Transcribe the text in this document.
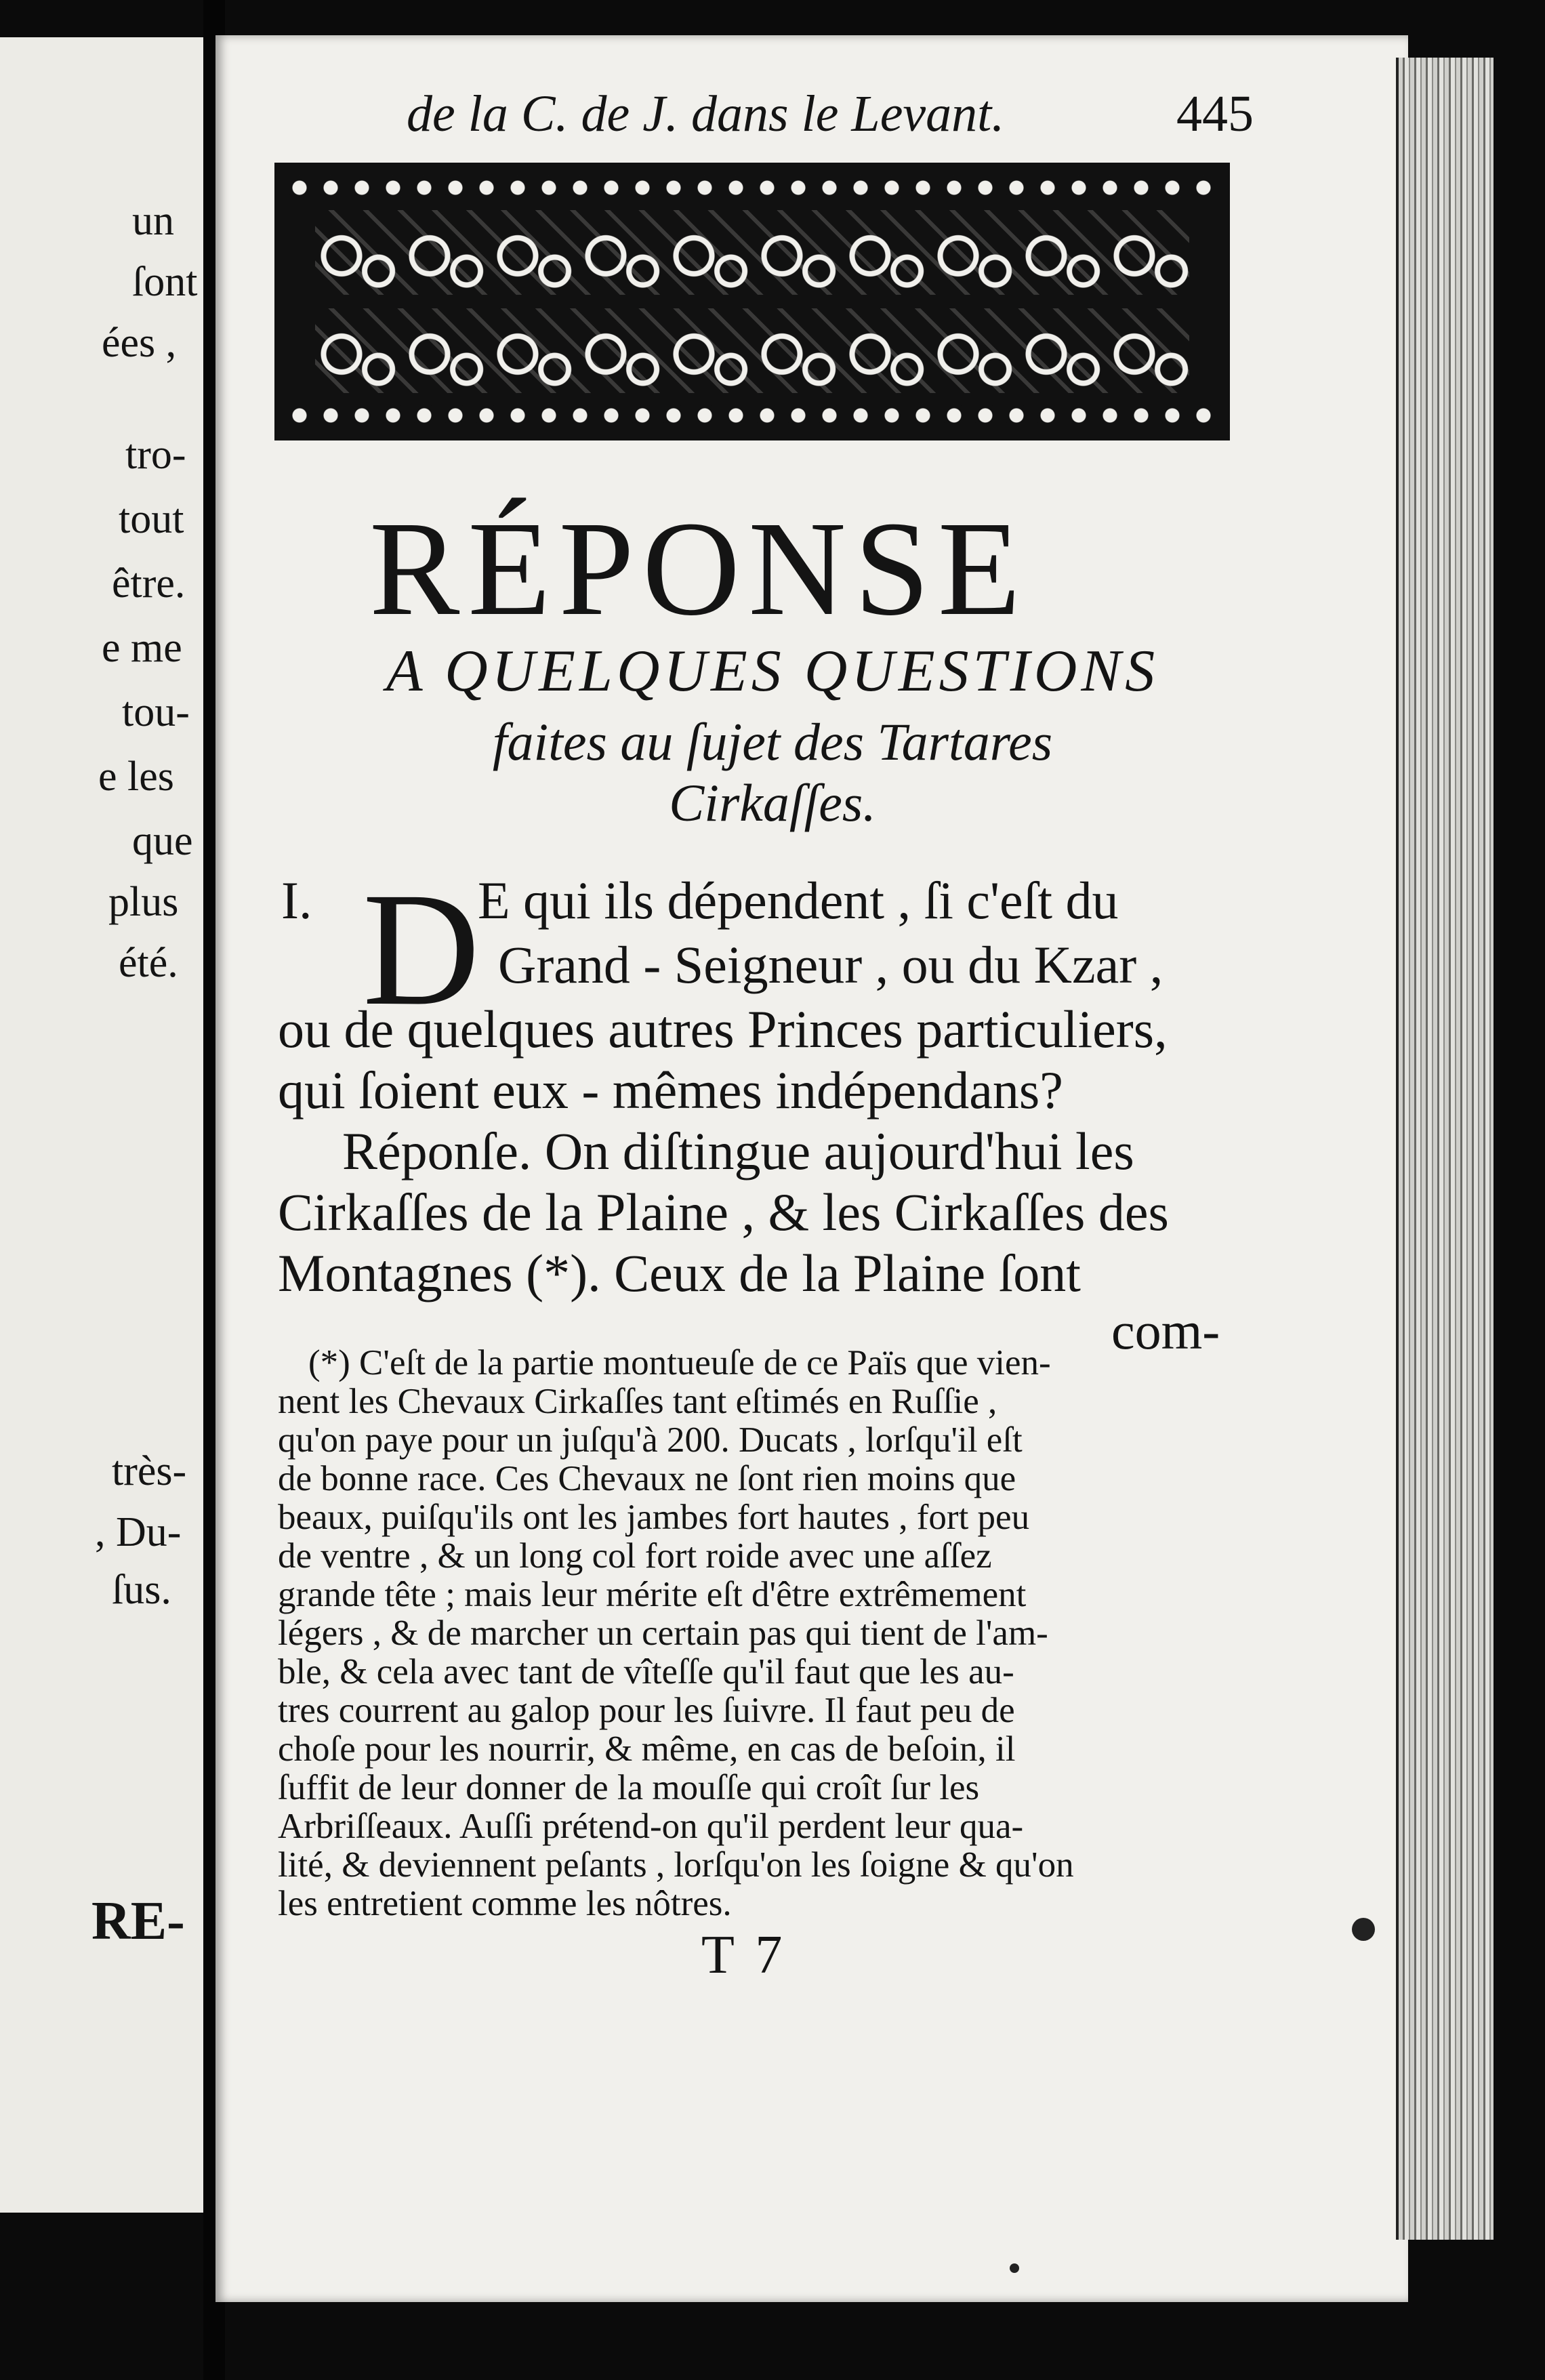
un
ſont
ées ,
tro-
tout
être.
e me
tou-
e les
que
plus
été.
très-
, Du-
ſus.
RE-
de la C. de J. dans le Levant.	445
RÉPONSE
A QUELQUES QUESTIONS
faites au ſujet des Tartares
Cirkaſſes.
I. D
E qui ils dépendent , ſi c'eſt du
Grand - Seigneur , ou du Kzar ,
ou de quelques autres Princes particuliers,
qui ſoient eux - mêmes indépendans?
Réponſe. On diſtingue aujourd'hui les
Cirkaſſes de la Plaine , & les Cirkaſſes des
Montagnes (*). Ceux de la Plaine ſont
com-
(*) C'eſt de la partie montueuſe de ce Païs que vien-
nent les Chevaux Cirkaſſes tant eſtimés en Ruſſie ,
qu'on paye pour un juſqu'à 200. Ducats , lorſqu'il eſt
de bonne race. Ces Chevaux ne ſont rien moins que
beaux, puiſqu'ils ont les jambes fort hautes , fort peu
de ventre , & un long col fort roide avec une aſſez
grande tête ; mais leur mérite eſt d'être extrêmement
légers , & de marcher un certain pas qui tient de l'am-
ble, & cela avec tant de vîteſſe qu'il faut que les au-
tres courrent au galop pour les ſuivre. Il faut peu de
choſe pour les nourrir, & même, en cas de beſoin, il
ſuffit de leur donner de la mouſſe qui croît ſur les
Arbriſſeaux. Auſſi prétend-on qu'il perdent leur qua-
lité, & deviennent peſants , lorſqu'on les ſoigne & qu'on
les entretient comme les nôtres.
T 7
